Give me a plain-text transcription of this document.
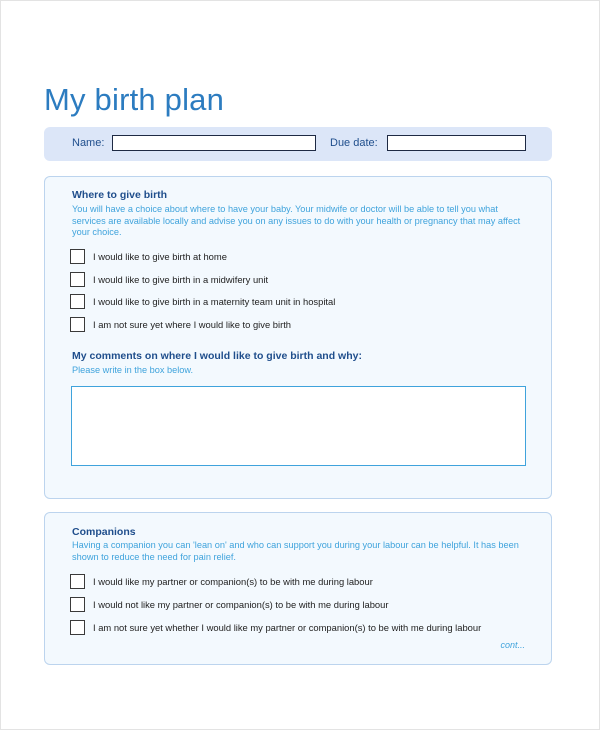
My birth plan
Name:	Due date:
Where to give birth
You will have a choice about where to have your baby. Your midwife or doctor will be able to tell you what services are available locally and advise you on any issues to do with your health or pregnancy that may affect your choice.
I would like to give birth at home
I would like to give birth in a midwifery unit
I would like to give birth in a maternity team unit in hospital
I am not sure yet where I would like to give birth
My comments on where I would like to give birth and why:
Please write in the box below.
Companions
Having a companion you can 'lean on' and who can support you during your labour can be helpful. It has been shown to reduce the need for pain relief.
I would like my partner or companion(s) to be with me during labour
I would not like my partner or companion(s) to be with me during labour
I am not sure yet whether I would like my partner or companion(s) to be with me during labour
cont...
